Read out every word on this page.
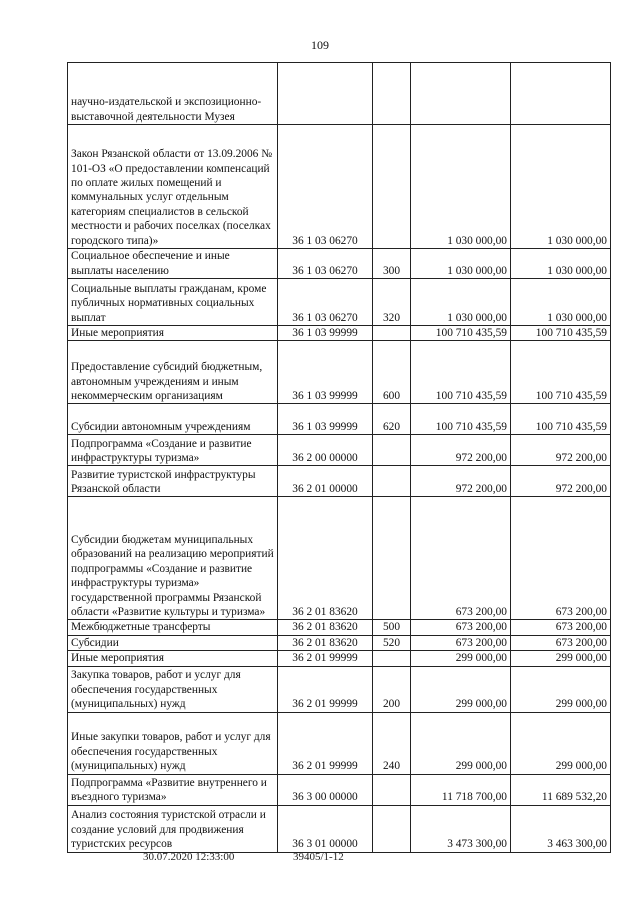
109
научно-издательской и экспозиционно-выставочной деятельности Музея				
Закон Рязанской области от 13.09.2006 № 101-ОЗ «О предоставлении компенсаций по оплате жилых помещений и коммунальных услуг отдельным категориям специалистов в сельской местности и рабочих поселках (поселках городского типа)»	36 1 03 06270		1 030 000,00	1 030 000,00
Социальное обеспечение и иные выплаты населению	36 1 03 06270	300	1 030 000,00	1 030 000,00
Социальные выплаты гражданам, кроме публичных нормативных социальных выплат	36 1 03 06270	320	1 030 000,00	1 030 000,00
Иные мероприятия	36 1 03 99999		100 710 435,59	100 710 435,59
Предоставление субсидий бюджетным, автономным учреждениям и иным некоммерческим организациям	36 1 03 99999	600	100 710 435,59	100 710 435,59
Субсидии автономным учреждениям	36 1 03 99999	620	100 710 435,59	100 710 435,59
Подпрограмма «Создание и развитие инфраструктуры туризма»	36 2 00 00000		972 200,00	972 200,00
Развитие туристской инфраструктуры Рязанской области	36 2 01 00000		972 200,00	972 200,00
Субсидии бюджетам муниципальных образований на реализацию мероприятий подпрограммы «Создание и развитие инфраструктуры туризма» государственной программы Рязанской области «Развитие культуры и туризма»	36 2 01 83620		673 200,00	673 200,00
Межбюджетные трансферты	36 2 01 83620	500	673 200,00	673 200,00
Субсидии	36 2 01 83620	520	673 200,00	673 200,00
Иные мероприятия	36 2 01 99999		299 000,00	299 000,00
Закупка товаров, работ и услуг для обеспечения государственных (муниципальных) нужд	36 2 01 99999	200	299 000,00	299 000,00
Иные закупки товаров, работ и услуг для обеспечения государственных (муниципальных) нужд	36 2 01 99999	240	299 000,00	299 000,00
Подпрограмма «Развитие внутреннего и въездного туризма»	36 3 00 00000		11 718 700,00	11 689 532,20
Анализ состояния туристской отрасли и создание условий для продвижения туристских ресурсов	36 3 01 00000		3 473 300,00	3 463 300,00
30.07.2020 12:33:00	39405/1-12
